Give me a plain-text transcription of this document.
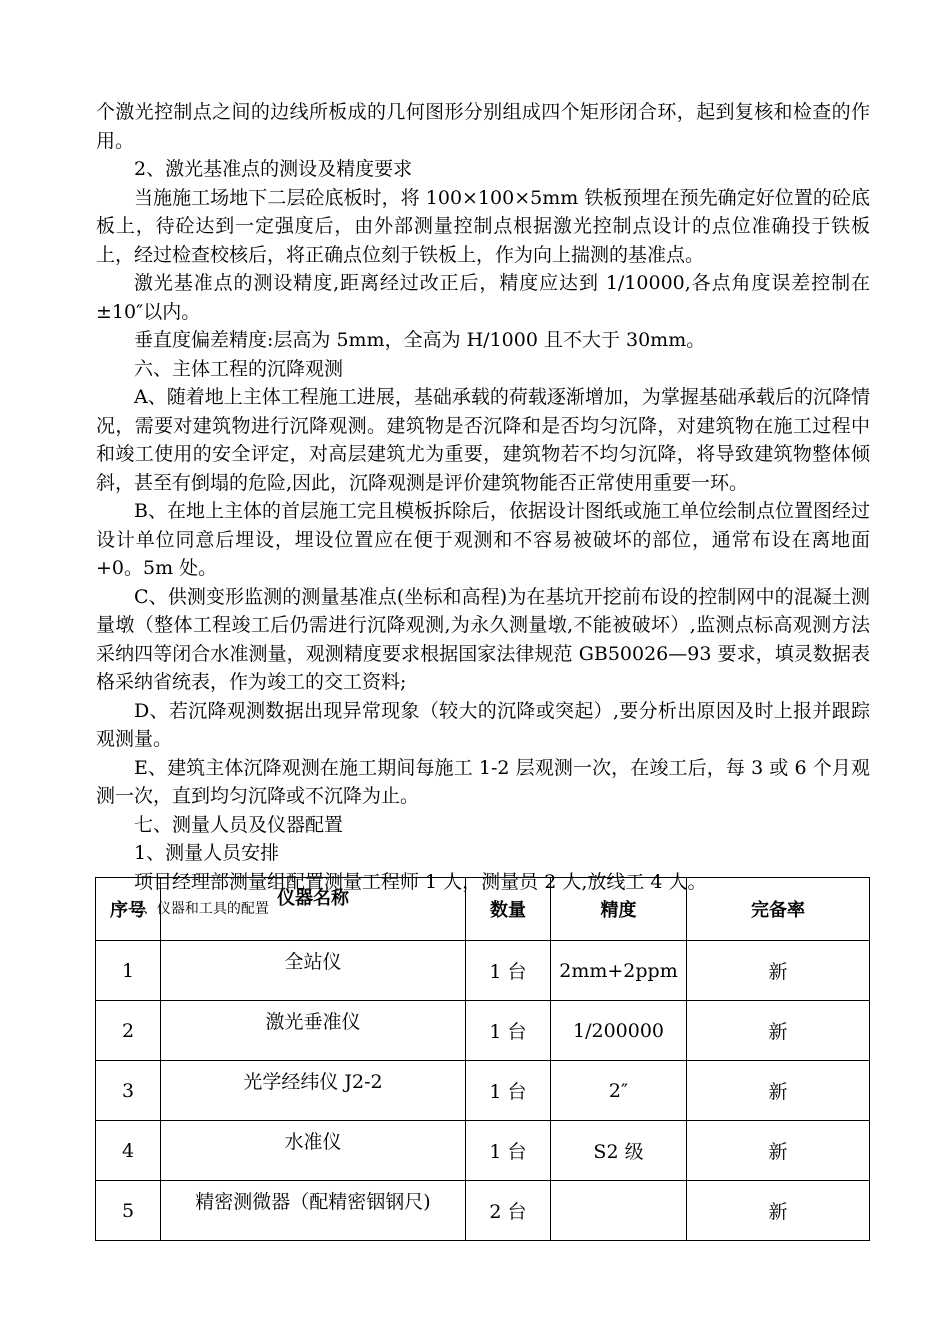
个激光控制点之间的边线所板成的几何图形分别组成四个矩形闭合环，起到复核和检查的作用。

2、激光基准点的测设及精度要求

当施施工场地下二层砼底板时，将 100×100×5mm 铁板预埋在预先确定好位置的砼底板上，待砼达到一定强度后，由外部测量控制点根据激光控制点设计的点位准确投于铁板上，经过检查校核后，将正确点位刻于铁板上，作为向上揣测的基准点。

激光基准点的测设精度,距离经过改正后，精度应达到 1/10000,各点角度误差控制在±10″以内。

垂直度偏差精度:层高为 5mm，全高为 H/1000 且不大于 30mm。

六、主体工程的沉降观测

A、随着地上主体工程施工进展，基础承载的荷载逐渐增加，为掌握基础承载后的沉降情况，需要对建筑物进行沉降观测。建筑物是否沉降和是否均匀沉降，对建筑物在施工过程中和竣工使用的安全评定，对高层建筑尤为重要，建筑物若不均匀沉降，将导致建筑物整体倾斜，甚至有倒塌的危险,因此，沉降观测是评价建筑物能否正常使用重要一环。

B、在地上主体的首层施工完且模板拆除后，依据设计图纸或施工单位绘制点位置图经过设计单位同意后埋设，埋设位置应在便于观测和不容易被破坏的部位，通常布设在离地面+0。5m 处。

C、供测变形监测的测量基准点(坐标和高程)为在基坑开挖前布设的控制网中的混凝土测量墩（整体工程竣工后仍需进行沉降观测,为永久测量墩,不能被破坏）,监测点标高观测方法采纳四等闭合水准测量，观测精度要求根据国家法律规范 GB50026—93 要求，填灵数据表格采纳省统表，作为竣工的交工资料;

D、若沉降观测数据出现异常现象（较大的沉降或突起）,要分析出原因及时上报并跟踪观测量。

E、建筑主体沉降观测在施工期间每施工 1-2 层观测一次，在竣工后，每 3 或 6 个月观测一次，直到均匀沉降或不沉降为止。

七、测量人员及仪器配置

1、测量人员安排

项目经理部测量组配置测量工程师 1 人，测量员 2 人,放线工 4 人。

2、仪器和工具的配置

序号	仪器名称	数量	精度	完备率
1	全站仪	1 台	2mm+2ppm	新
2	激光垂准仪	1 台	1/200000	新
3	光学经纬仪 J2-2	1 台	2″	新
4	水准仪	1 台	S2 级	新
5	精密测微器（配精密铟钢尺)	2 台		新
